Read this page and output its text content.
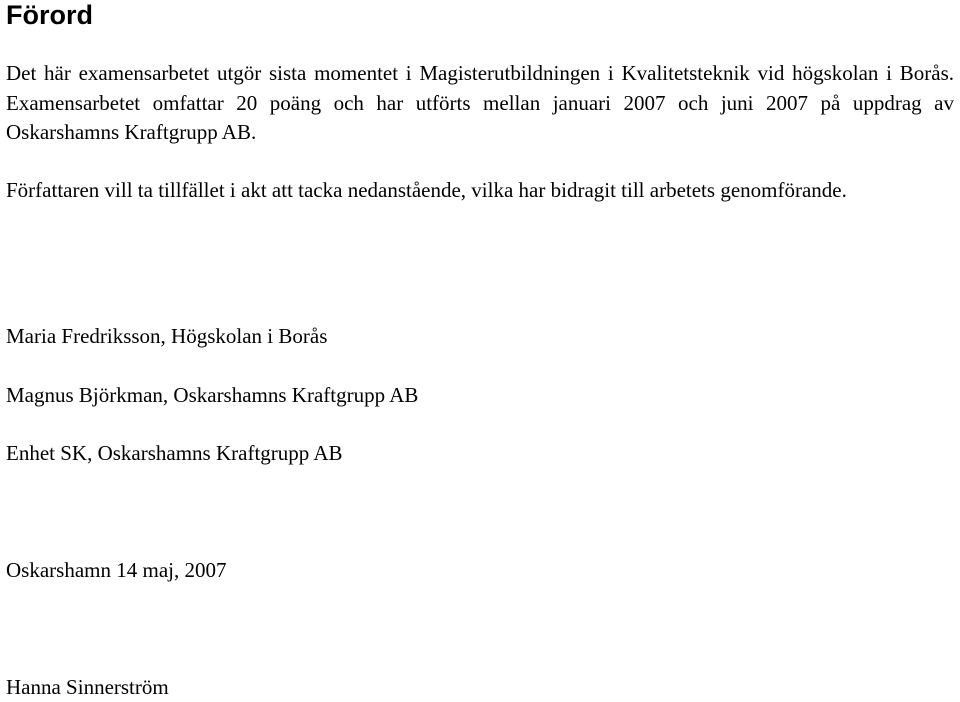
Förord

Det här examensarbetet utgör sista momentet i Magisterutbildningen i Kvalitetsteknik vid högskolan i Borås. Examensarbetet omfattar 20 poäng och har utförts mellan januari 2007 och juni 2007 på uppdrag av Oskarshamns Kraftgrupp AB.

Författaren vill ta tillfället i akt att tacka nedanstående, vilka har bidragit till arbetets genomförande.

Maria Fredriksson, Högskolan i Borås

Magnus Björkman, Oskarshamns Kraftgrupp AB

Enhet SK, Oskarshamns Kraftgrupp AB

Oskarshamn 14 maj, 2007

Hanna Sinnerström
